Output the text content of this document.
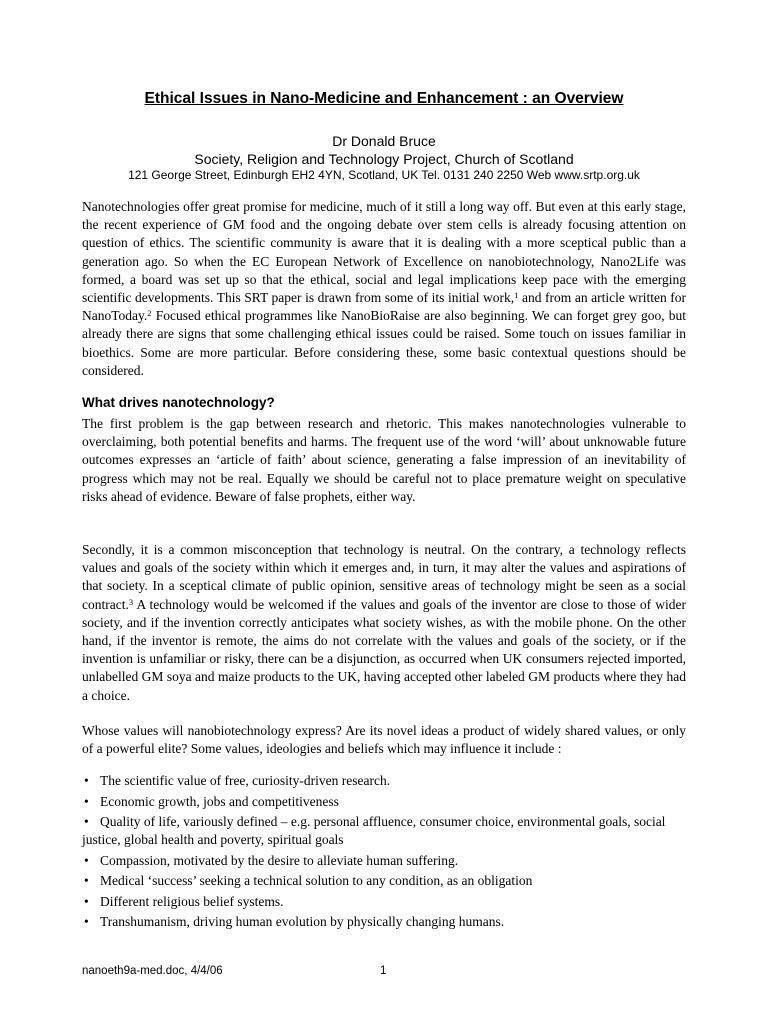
Ethical Issues in Nano-Medicine and Enhancement : an Overview
Dr Donald Bruce
Society, Religion and Technology Project, Church of Scotland
121 George Street, Edinburgh EH2 4YN, Scotland, UK Tel. 0131 240 2250 Web www.srtp.org.uk

Nanotechnologies offer great promise for medicine, much of it still a long way off. But even at this early stage, the recent experience of GM food and the ongoing debate over stem cells is already focusing attention on question of ethics. The scientific community is aware that it is dealing with a more sceptical public than a generation ago. So when the EC European Network of Excellence on nanobiotechnology, Nano2Life was formed, a board was set up so that the ethical, social and legal implications keep pace with the emerging scientific developments. This SRT paper is drawn from some of its initial work,$^1$ and from an article written for NanoToday.$^2$ Focused ethical programmes like NanoBioRaise are also beginning. We can forget grey goo, but already there are signs that some challenging ethical issues could be raised. Some touch on issues familiar in bioethics. Some are more particular. Before considering these, some basic contextual questions should be considered.

What drives nanotechnology?

The first problem is the gap between research and rhetoric. This makes nanotechnologies vulnerable to overclaiming, both potential benefits and harms. The frequent use of the word ‘will’ about unknowable future outcomes expresses an ‘article of faith’ about science, generating a false impression of an inevitability of progress which may not be real. Equally we should be careful not to place premature weight on speculative risks ahead of evidence. Beware of false prophets, either way.

Secondly, it is a common misconception that technology is neutral. On the contrary, a technology reflects values and goals of the society within which it emerges and, in turn, it may alter the values and aspirations of that society. In a sceptical climate of public opinion, sensitive areas of technology might be seen as a social contract.$^3$ A technology would be welcomed if the values and goals of the inventor are close to those of wider society, and if the invention correctly anticipates what society wishes, as with the mobile phone. On the other hand, if the inventor is remote, the aims do not correlate with the values and goals of the society, or if the invention is unfamiliar or risky, there can be a disjunction, as occurred when UK consumers rejected imported, unlabelled GM soya and maize products to the UK, having accepted other labeled GM products where they had a choice.

Whose values will nanobiotechnology express? Are its novel ideas a product of widely shared values, or only of a powerful elite? Some values, ideologies and beliefs which may influence it include :

• The scientific value of free, curiosity-driven research.
• Economic growth, jobs and competitiveness
• Quality of life, variously defined – e.g. personal affluence, consumer choice, environmental goals, social justice, global health and poverty, spiritual goals
• Compassion, motivated by the desire to alleviate human suffering.
• Medical ‘success’ seeking a technical solution to any condition, as an obligation
• Different religious belief systems.
• Transhumanism, driving human evolution by physically changing humans.
nanoeth9a-med.doc, 4/4/06	1
